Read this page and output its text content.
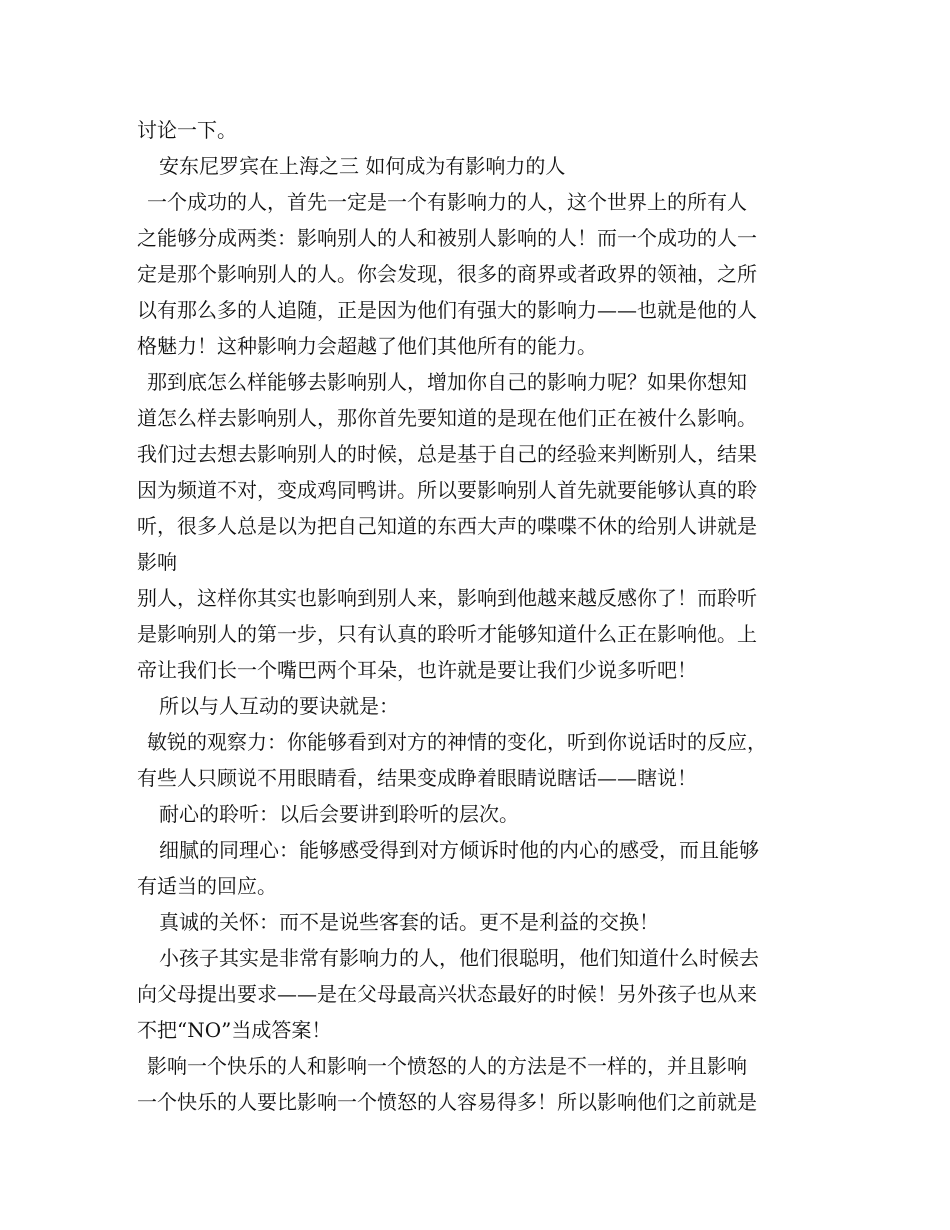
讨论一下。
安东尼罗宾在上海之三 如何成为有影响力的人
一个成功的人，首先一定是一个有影响力的人，这个世界上的所有人
之能够分成两类：影响别人的人和被别人影响的人！而一个成功的人一
定是那个影响别人的人。你会发现，很多的商界或者政界的领袖，之所
以有那么多的人追随，正是因为他们有强大的影响力——也就是他的人
格魅力！这种影响力会超越了他们其他所有的能力。
那到底怎么样能够去影响别人，增加你自己的影响力呢？如果你想知
道怎么样去影响别人，那你首先要知道的是现在他们正在被什么影响。
我们过去想去影响别人的时候，总是基于自己的经验来判断别人，结果
因为频道不对，变成鸡同鸭讲。所以要影响别人首先就要能够认真的聆
听，很多人总是以为把自己知道的东西大声的喋喋不休的给别人讲就是
影响
别人，这样你其实也影响到别人来，影响到他越来越反感你了！而聆听
是影响别人的第一步，只有认真的聆听才能够知道什么正在影响他。上
帝让我们长一个嘴巴两个耳朵，也许就是要让我们少说多听吧！
所以与人互动的要诀就是：
敏锐的观察力：你能够看到对方的神情的变化，听到你说话时的反应，
有些人只顾说不用眼睛看，结果变成睁着眼睛说瞎话——瞎说！
耐心的聆听：以后会要讲到聆听的层次。
细腻的同理心：能够感受得到对方倾诉时他的内心的感受，而且能够
有适当的回应。
真诚的关怀：而不是说些客套的话。更不是利益的交换！
小孩子其实是非常有影响力的人，他们很聪明，他们知道什么时候去
向父母提出要求——是在父母最高兴状态最好的时候！另外孩子也从来
不把“NO”当成答案！
影响一个快乐的人和影响一个愤怒的人的方法是不一样的，并且影响
一个快乐的人要比影响一个愤怒的人容易得多！所以影响他们之前就是
